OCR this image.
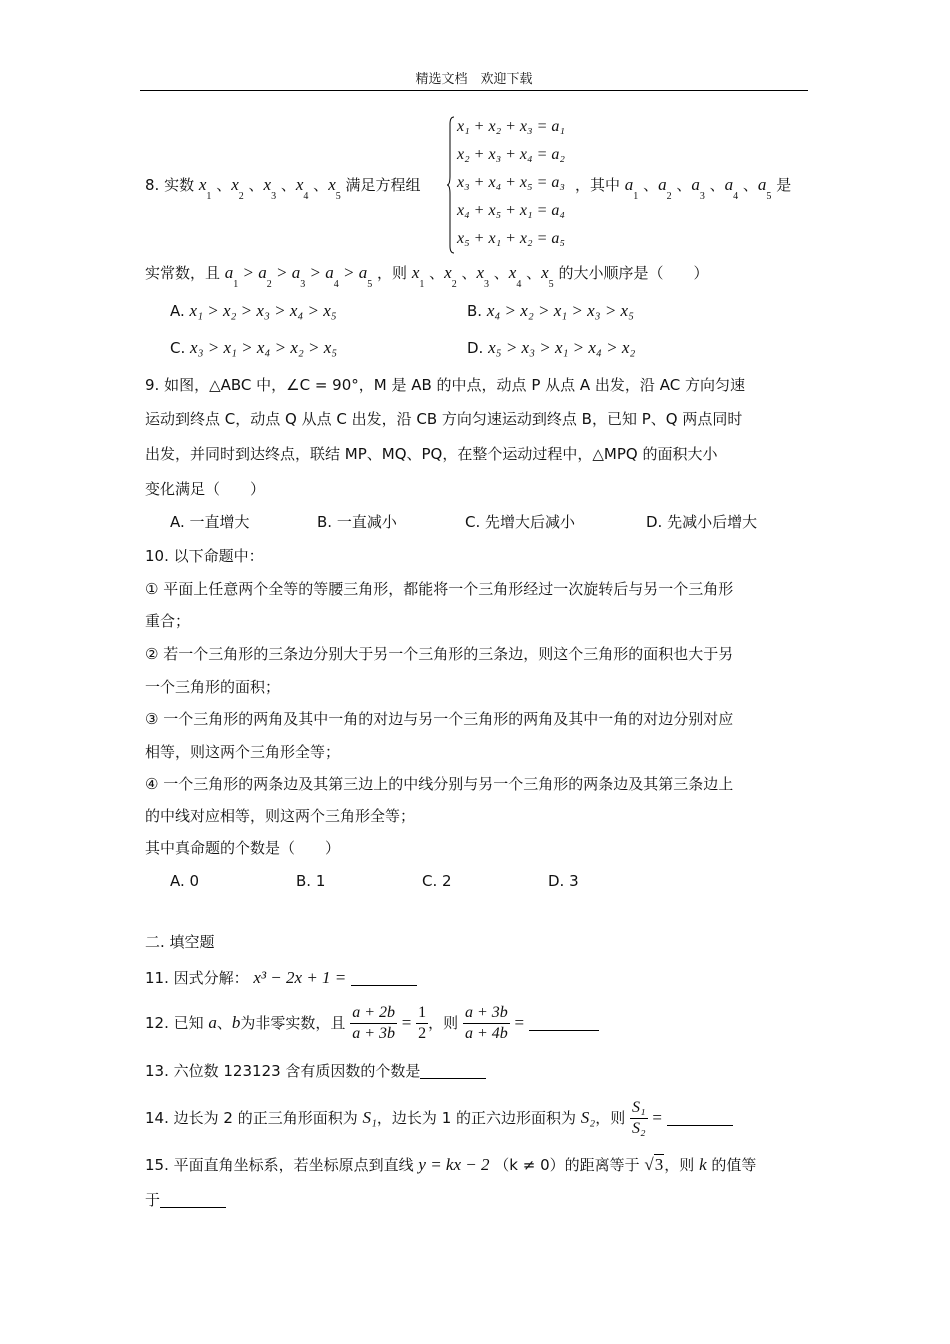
精选文档　欢迎下载
8. 实数 $x_1$ 、$x_2$ 、$x_3$ 、$x_4$ 、$x_5$ 满足方程组
x₁ + x₂ + x₃ = a₁
x₂ + x₃ + x₄ = a₂
x₃ + x₄ + x₅ = a₃
x₄ + x₅ + x₁ = a₄
x₅ + x₁ + x₂ = a₅
，其中 $a_1$ 、$a_2$ 、$a_3$ 、$a_4$ 、$a_5$ 是
实常数，且 $a_1 > a_2 > a_3 > a_4 > a_5$ ，则 $x_1$ 、$x_2$ 、$x_3$ 、$x_4$ 、$x_5$ 的大小顺序是（　　）
A. x₁ > x₂ > x₃ > x₄ > x₅	B. x₄ > x₂ > x₁ > x₃ > x₅
C. x₃ > x₁ > x₄ > x₂ > x₅	D. x₅ > x₃ > x₁ > x₄ > x₂
9. 如图，△ABC 中，∠C = 90°，M 是 AB 的中点，动点 P 从点 A 出发，沿 AC 方向匀速
运动到终点 C，动点 Q 从点 C 出发，沿 CB 方向匀速运动到终点 B，已知 P、Q 两点同时
出发，并同时到达终点，联结 MP、MQ、PQ，在整个运动过程中，△MPQ 的面积大小
变化满足（　　）
A. 一直增大	B. 一直减小	C. 先增大后减小	D. 先减小后增大
10. 以下命题中：
① 平面上任意两个全等的等腰三角形，都能将一个三角形经过一次旋转后与另一个三角形
重合；
② 若一个三角形的三条边分别大于另一个三角形的三条边，则这个三角形的面积也大于另
一个三角形的面积；
③ 一个三角形的两角及其中一角的对边与另一个三角形的两角及其中一角的对边分别对应
相等，则这两个三角形全等；
④ 一个三角形的两条边及其第三边上的中线分别与另一个三角形的两条边及其第三条边上
的中线对应相等，则这两个三角形全等；
其中真命题的个数是（　　）
A. 0	B. 1	C. 2	D. 3
二. 填空题
11. 因式分解： x³ − 2x + 1 =
12. 已知 a、b为非零实数，且 $\frac{a + 2b}{a + 3b} = \frac{1}{2}$ ，则 $\frac{a + 3b}{a + 4b}$ =
13. 六位数 123123 含有质因数的个数是
14. 边长为 2 的正三角形面积为 S₁，边长为 1 的正六边形面积为 S₂，则 $\frac{\text{S₁}}{\text{S₂}}$ =
15. 平面直角坐标系，若坐标原点到直线 y = kx − 2 （k ≠ 0）的距离等于 √3，则 k 的值等
于
